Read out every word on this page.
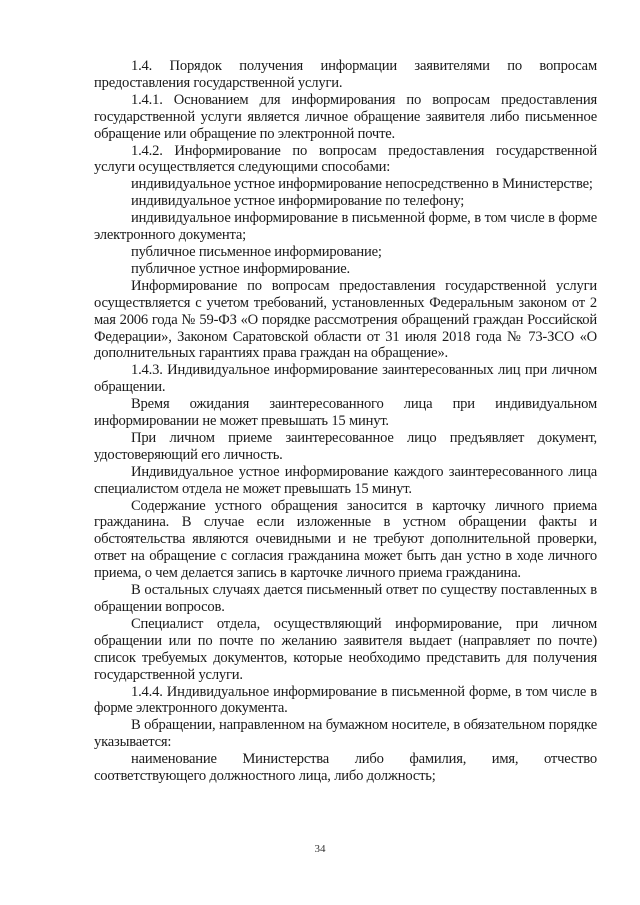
1.4. Порядок получения информации заявителями по вопросам предоставления государственной услуги.

1.4.1. Основанием для информирования по вопросам предоставления государственной услуги является личное обращение заявителя либо письменное обращение или обращение по электронной почте.

1.4.2. Информирование по вопросам предоставления государственной услуги осуществляется следующими способами:

индивидуальное устное информирование непосредственно в Министерстве;

индивидуальное устное информирование по телефону;

индивидуальное информирование в письменной форме, в том числе в форме электронного документа;

публичное письменное информирование;

публичное устное информирование.

Информирование по вопросам предоставления государственной услуги осуществляется с учетом требований, установленных Федеральным законом от 2 мая 2006 года № 59-ФЗ «О порядке рассмотрения обращений граждан Российской Федерации», Законом Саратовской области от 31 июля 2018 года № 73-ЗСО «О дополнительных гарантиях права граждан на обращение».

1.4.3. Индивидуальное информирование заинтересованных лиц при личном обращении.

Время ожидания заинтересованного лица при индивидуальном информировании не может превышать 15 минут.

При личном приеме заинтересованное лицо предъявляет документ, удостоверяющий его личность.

Индивидуальное устное информирование каждого заинтересованного лица специалистом отдела не может превышать 15 минут.

Содержание устного обращения заносится в карточку личного приема гражданина. В случае если изложенные в устном обращении факты и обстоятельства являются очевидными и не требуют дополнительной проверки, ответ на обращение с согласия гражданина может быть дан устно в ходе личного приема, о чем делается запись в карточке личного приема гражданина.

В остальных случаях дается письменный ответ по существу поставленных в обращении вопросов.

Специалист отдела, осуществляющий информирование, при личном обращении или по почте по желанию заявителя выдает (направляет по почте) список требуемых документов, которые необходимо представить для получения государственной услуги.

1.4.4. Индивидуальное информирование в письменной форме, в том числе в форме электронного документа.

В обращении, направленном на бумажном носителе, в обязательном порядке указывается:

наименование Министерства либо фамилия, имя, отчество соответствующего должностного лица, либо должность;

34
